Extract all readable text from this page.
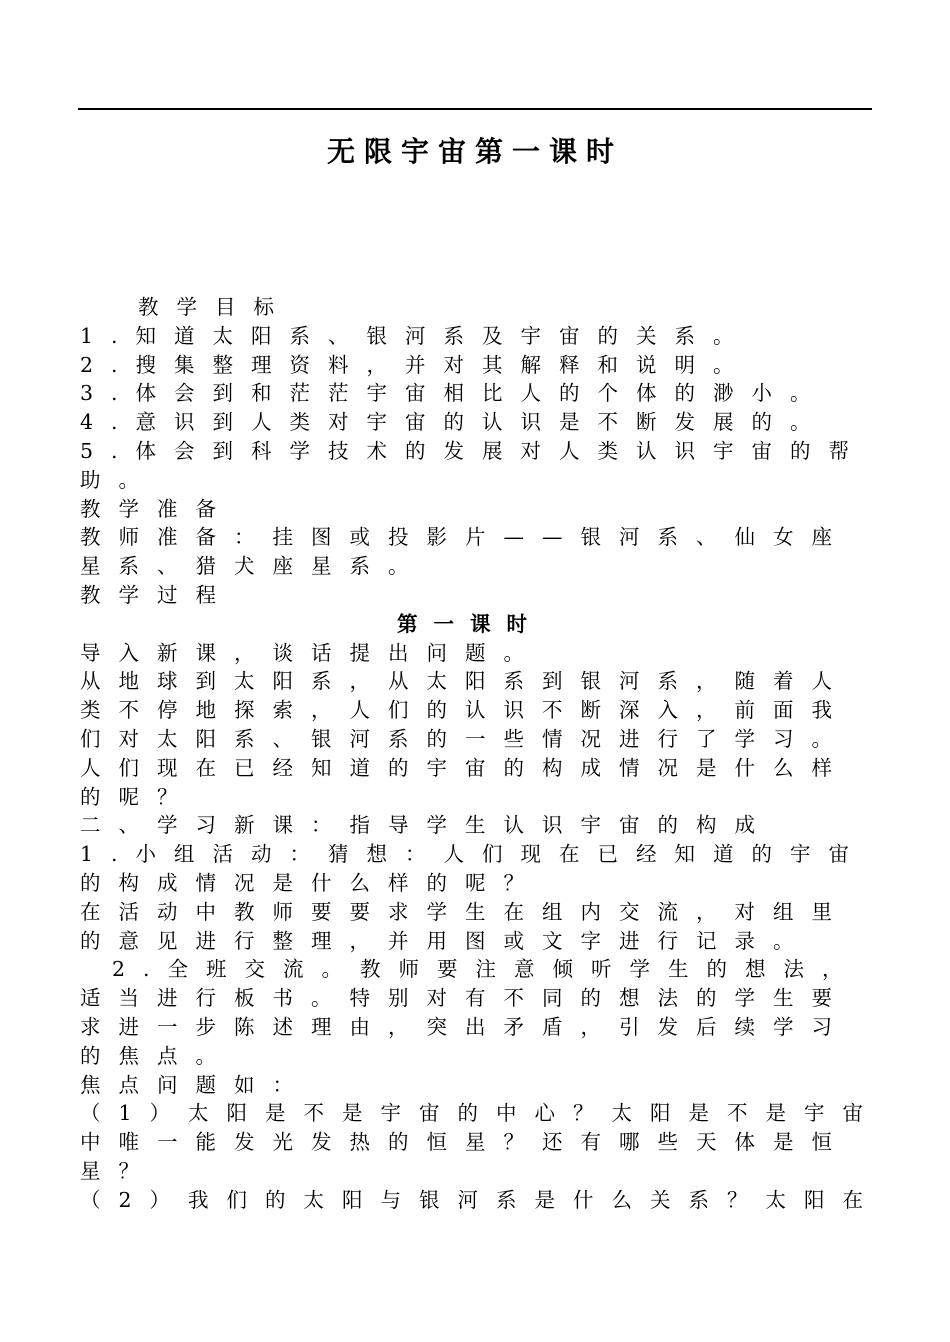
无限宇宙第一课时
教学目标
1.知道太阳系、银河系及宇宙的关系。
2.搜集整理资料，并对其解释和说明。
3.体会到和茫茫宇宙相比人的个体的渺小。
4.意识到人类对宇宙的认识是不断发展的。
5.体会到科学技术的发展对人类认识宇宙的帮
助。
教学准备
教师准备：挂图或投影片——银河系、仙女座
星系、猎犬座星系。
教学过程
第一课时
导入新课，谈话提出问题。
从地球到太阳系，从太阳系到银河系，随着人
类不停地探索，人们的认识不断深入，前面我
们对太阳系、银河系的一些情况进行了学习。
人们现在已经知道的宇宙的构成情况是什么样
的呢？
二、学习新课：指导学生认识宇宙的构成
1.小组活动：猜想：人们现在已经知道的宇宙
的构成情况是什么样的呢？
在活动中教师要要求学生在组内交流，对组里
的意见进行整理，并用图或文字进行记录。
2.全班交流。教师要注意倾听学生的想法，
适当进行板书。特别对有不同的想法的学生要
求进一步陈述理由，突出矛盾，引发后续学习
的焦点。
焦点问题如：
（1）太阳是不是宇宙的中心？太阳是不是宇宙
中唯一能发光发热的恒星？还有哪些天体是恒
星？
（2）我们的太阳与银河系是什么关系？太阳在
